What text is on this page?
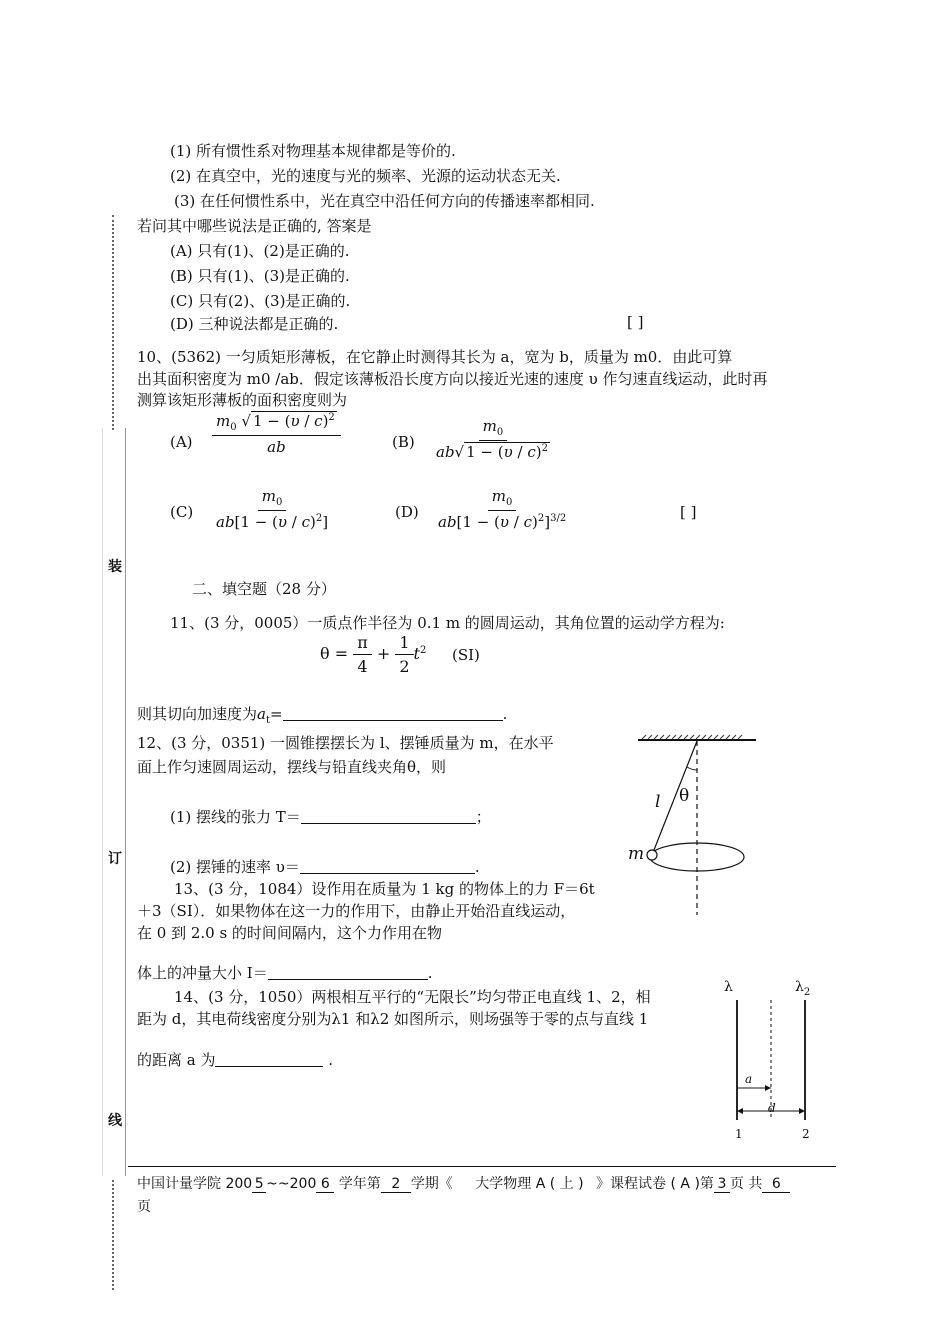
装
订
线
(1) 所有惯性系对物理基本规律都是等价的.
(2) 在真空中，光的速度与光的频率、光源的运动状态无关.
(3) 在任何惯性系中，光在真空中沿任何方向的传播速率都相同.
若问其中哪些说法是正确的, 答案是
(A) 只有(1)、(2)是正确的.
(B) 只有(1)、(3)是正确的.
(C) 只有(2)、(3)是正确的.
(D) 三种说法都是正确的.	[ ]
10、(5362) 一匀质矩形薄板，在它静止时测得其长为 a，宽为 b，质量为 m0．由此可算
出其面积密度为 m0 /ab．假定该薄板沿长度方向以接近光速的速度 υ 作匀速直线运动，此时再
测算该矩形薄板的面积密度则为
$(A) \frac{m_0 √ 1 - (\upsilon / c)^2}{ab}$	$(B) \frac{m_0}{ab√ 1 - (\upsilon / c)^2}$
$(C) \frac{m_0}{ab[1 - (\upsilon / c)^2]}$	$(D) \frac{m_0}{ab[1 - (\upsilon / c)^2]^{3/2}}$	[ ]
二、填空题（28 分）
11、(3 分，0005）一质点作半径为 0.1 m 的圆周运动，其角位置的运动学方程为:
$\theta = \frac{\pi}{4} + \frac{1}{2} t^2$ (SI)
则其切向加速度为$a_t=$	.
12、(3 分，0351) 一圆锥摆摆长为 l、摆锤质量为 m，在水平
面上作匀速圆周运动，摆线与铅直线夹角θ，则
(1) 摆线的张力 T＝	；
(2) 摆锤的速率 υ＝	.
l θ
m
13、(3 分，1084）设作用在质量为 1 kg 的物体上的力 F＝6t
＋3（SI）．如果物体在这一力的作用下，由静止开始沿直线运动，
在 0 到 2.0 s 的时间间隔内，这个力作用在物
体上的冲量大小 I＝	.
14、(3 分，1050）两根相互平行的“无限长”均匀带正电直线 1、2，相
距为 d，其电荷线密度分别为λ1 和λ2 如图所示，则场强等于零的点与直线 1
的距离 a 为	.
λ	$\lambda_2$
a
d
1	2
中国计量学院 200 5 ~~200 6 学年第 2 学期《 大学物理 A ( 上 ) 》课程试卷 ( A )第 3 页 共 6
页
